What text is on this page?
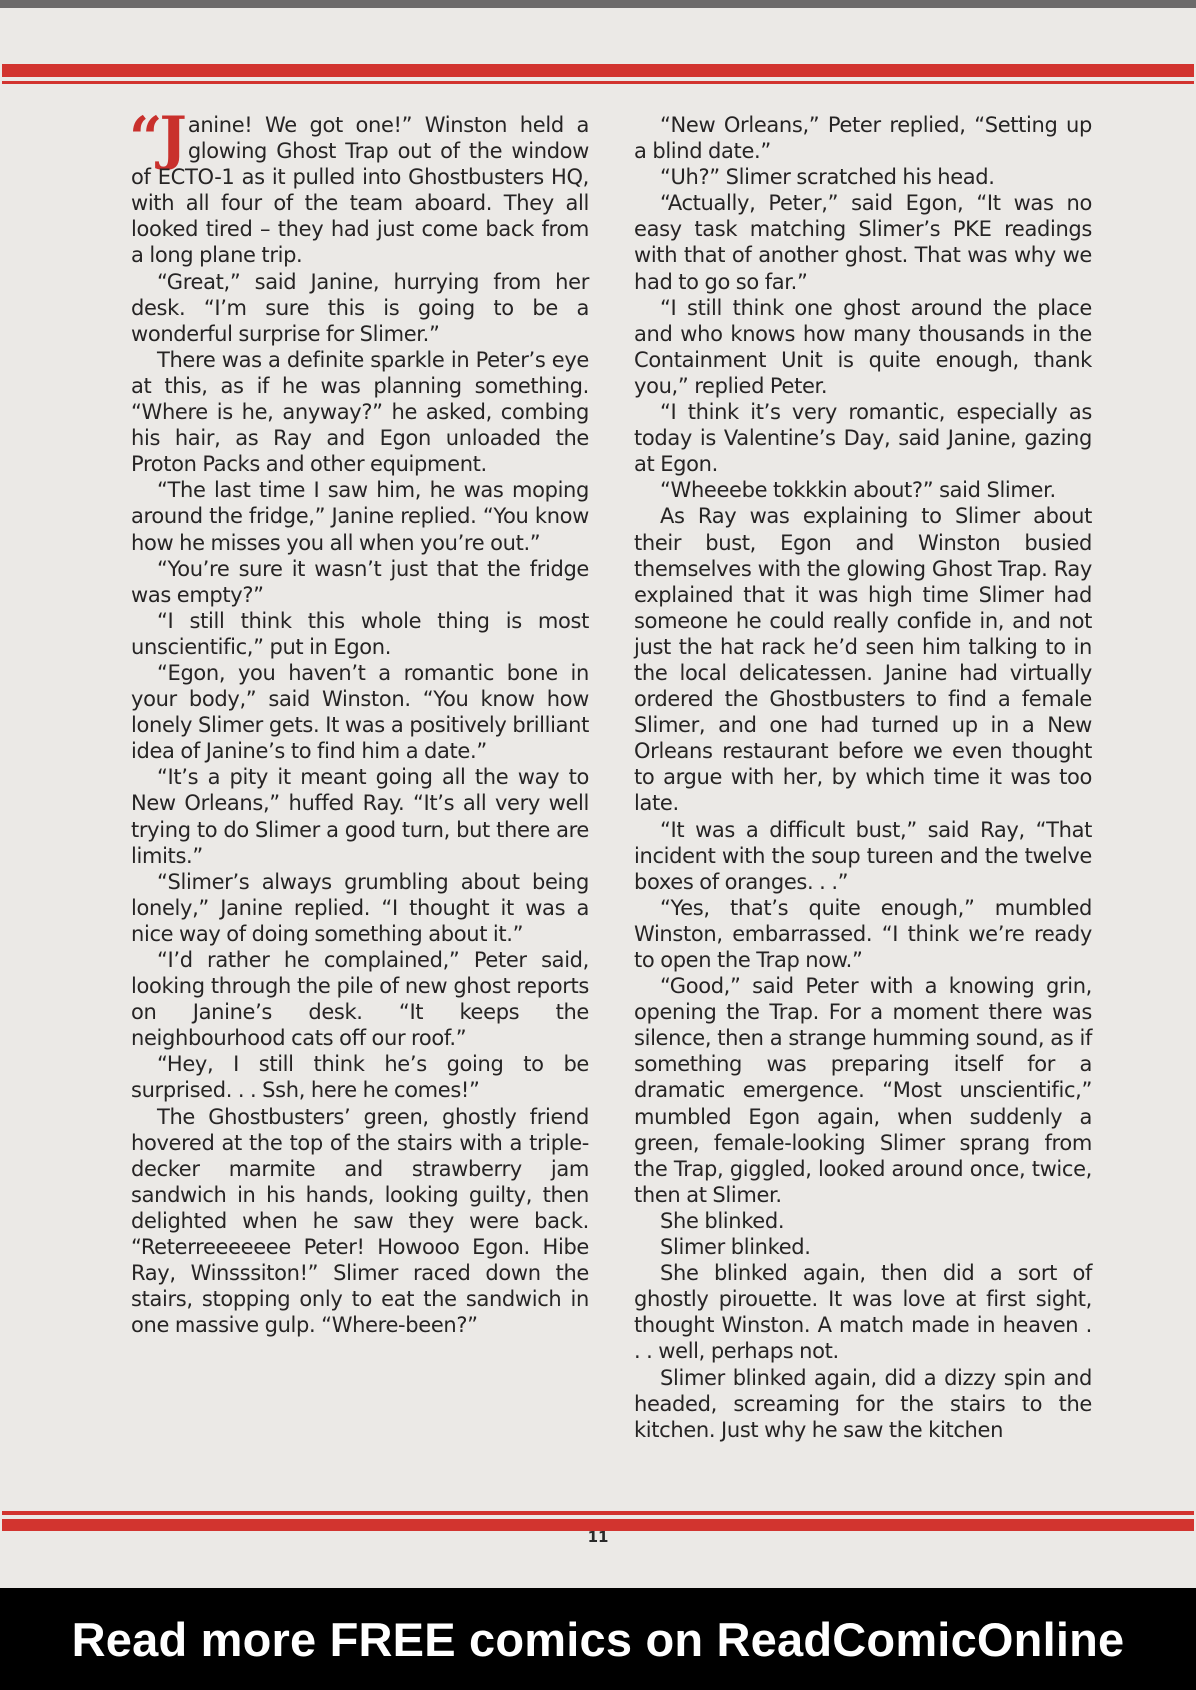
“Janine! We got one!” Winston held a glowing Ghost Trap out of the window of ECTO-1 as it pulled into Ghostbusters HQ, with all four of the team aboard. They all looked tired – they had just come back from a long plane trip.

“Great,” said Janine, hurrying from her desk. “I’m sure this is going to be a wonderful surprise for Slimer.”

There was a definite sparkle in Peter’s eye at this, as if he was planning something. “Where is he, anyway?” he asked, combing his hair, as Ray and Egon unloaded the Proton Packs and other equipment.

“The last time I saw him, he was moping around the fridge,” Janine replied. “You know how he misses you all when you’re out.”

“You’re sure it wasn’t just that the fridge was empty?”

“I still think this whole thing is most unscientific,” put in Egon.

“Egon, you haven’t a romantic bone in your body,” said Winston. “You know how lonely Slimer gets. It was a positively brilliant idea of Janine’s to find him a date.”

“It’s a pity it meant going all the way to New Orleans,” huffed Ray. “It’s all very well trying to do Slimer a good turn, but there are limits.”

“Slimer’s always grumbling about being lonely,” Janine replied. “I thought it was a nice way of doing something about it.”

“I’d rather he complained,” Peter said, looking through the pile of new ghost reports on Janine’s desk. “It keeps the neighbourhood cats off our roof.”

“Hey, I still think he’s going to be surprised. . . Ssh, here he comes!”

The Ghostbusters’ green, ghostly friend hovered at the top of the stairs with a triple-decker marmite and strawberry jam sandwich in his hands, looking guilty, then delighted when he saw they were back. “Reterreeeeeee Peter! Howooo Egon. Hibe Ray, Winsssiton!” Slimer raced down the stairs, stopping only to eat the sandwich in one massive gulp. “Where-been?”

“New Orleans,” Peter replied, “Setting up a blind date.”

“Uh?” Slimer scratched his head.

“Actually, Peter,” said Egon, “It was no easy task matching Slimer’s PKE readings with that of another ghost. That was why we had to go so far.”

“I still think one ghost around the place and who knows how many thousands in the Containment Unit is quite enough, thank you,” replied Peter.

“I think it’s very romantic, especially as today is Valentine’s Day, said Janine, gazing at Egon.

“Wheeebe tokkkin about?” said Slimer.

As Ray was explaining to Slimer about their bust, Egon and Winston busied themselves with the glowing Ghost Trap. Ray explained that it was high time Slimer had someone he could really confide in, and not just the hat rack he’d seen him talking to in the local delicatessen. Janine had virtually ordered the Ghostbusters to find a female Slimer, and one had turned up in a New Orleans restaurant before we even thought to argue with her, by which time it was too late.

“It was a difficult bust,” said Ray, “That incident with the soup tureen and the twelve boxes of oranges. . .”

“Yes, that’s quite enough,” mumbled Winston, embarrassed. “I think we’re ready to open the Trap now.”

“Good,” said Peter with a knowing grin, opening the Trap. For a moment there was silence, then a strange humming sound, as if something was preparing itself for a dramatic emergence. “Most unscientific,” mumbled Egon again, when suddenly a green, female-looking Slimer sprang from the Trap, giggled, looked around once, twice, then at Slimer.

She blinked.

Slimer blinked.

She blinked again, then did a sort of ghostly pirouette. It was love at first sight, thought Winston. A match made in heaven . . . well, perhaps not.

Slimer blinked again, did a dizzy spin and headed, screaming for the stairs to the kitchen. Just why he saw the kitchen

11
Read more FREE comics on ReadComicOnline
